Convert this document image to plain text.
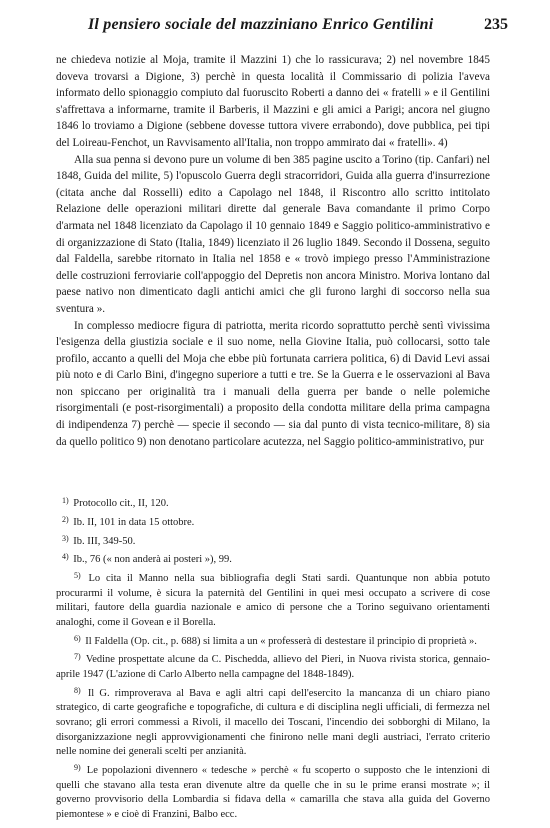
Il pensiero sociale del mazziniano Enrico Gentilini	235

ne chiedeva notizie al Moja, tramite il Mazzini 1) che lo rassicurava; 2) nel novembre 1845 doveva trovarsi a Digione, 3) perchè in questa località il Commissario di polizia l'aveva informato dello spionaggio compiuto dal fuoruscito Roberti a danno dei « fratelli » e il Gentilini s'affrettava a informarne, tramite il Barberis, il Mazzini e gli amici a Parigi; ancora nel giugno 1846 lo troviamo a Digione (sebbene dovesse tuttora vivere errabondo), dove pubblica, pei tipi del Loireau-Fenchot, un Ravvisamento all'Italia, non troppo ammirato dai « fratelli». 4)

Alla sua penna si devono pure un volume di ben 385 pagine uscito a Torino (tip. Canfari) nel 1848, Guida del milite, 5) l'opuscolo Guerra degli stracorridori, Guida alla guerra d'insurrezione (citata anche dal Rosselli) edito a Capolago nel 1848, il Riscontro allo scritto intitolato Relazione delle operazioni militari dirette dal generale Bava comandante il primo Corpo d'armata nel 1848 licenziato da Capolago il 10 gennaio 1849 e Saggio politico-amministrativo e di organizzazione di Stato (Italia, 1849) licenziato il 26 luglio 1849. Secondo il Dossena, seguito dal Faldella, sarebbe ritornato in Italia nel 1858 e « trovò impiego presso l'Amministrazione delle costruzioni ferroviarie coll'appoggio del Depretis non ancora Ministro. Moriva lontano dal paese nativo non dimenticato dagli antichi amici che gli furono larghi di soccorso nella sua sventura ».

In complesso mediocre figura di patriotta, merita ricordo soprattutto perchè sentì vivissima l'esigenza della giustizia sociale e il suo nome, nella Giovine Italia, può collocarsi, sotto tale profilo, accanto a quelli del Moja che ebbe più fortunata carriera politica, 6) di David Levi assai più noto e di Carlo Bini, d'ingegno superiore a tutti e tre. Se la Guerra e le osservazioni al Bava non spiccano per originalità tra i manuali della guerra per bande o nelle polemiche risorgimentali (e post-risorgimentali) a proposito della condotta militare della prima campagna di indipendenza 7) perchè — specie il secondo — sia dal punto di vista tecnico-militare, 8) sia da quello politico 9) non denotano particolare acutezza, nel Saggio politico-amministrativo, pur

$^{1)}$ Protocollo cit., II, 120.

$^{2)}$ Ib. II, 101 in data 15 ottobre.

$^{3)}$ Ib. III, 349-50.

$^{4)}$ Ib., 76 (« non anderà ai posteri »), 99.

$^{5)}$ Lo cita il Manno nella sua bibliografia degli Stati sardi. Quantunque non abbia potuto procurarmi il volume, è sicura la paternità del Gentilini in quei mesi occupato a scrivere di cose militari, fautore della guardia nazionale e amico di persone che a Torino seguivano orientamenti analoghi, come il Govean e il Borella.

$^{6)}$ Il Faldella (Op. cit., p. 688) si limita a un « professerà di destestare il principio di proprietà ».

$^{7)}$ Vedine prospettate alcune da C. Pischedda, allievo del Pieri, in Nuova rivista storica, gennaio-aprile 1947 (L'azione di Carlo Alberto nella campagne del 1848-1849).

$^{8)}$ Il G. rimproverava al Bava e agli altri capi dell'esercito la mancanza di un chiaro piano strategico, di carte geografiche e topografiche, di cultura e di disciplina negli ufficiali, di fermezza nel sovrano; gli errori commessi a Rivoli, il macello dei Toscani, l'incendio dei sobborghi di Milano, la disorganizzazione negli approvvigionamenti che finirono nelle mani degli austriaci, l'errato criterio nelle nomine dei generali scelti per anzianità.

$^{9)}$ Le popolazioni divennero « tedesche » perchè « fu scoperto o supposto che le intenzioni di quelli che stavano alla testa eran divenute altre da quelle che in su le prime eransi mostrate »; il governo provvisorio della Lombardia si fidava della « camarilla che stava alla guida del Governo piemontese » e cioè di Franzini, Balbo ecc.
